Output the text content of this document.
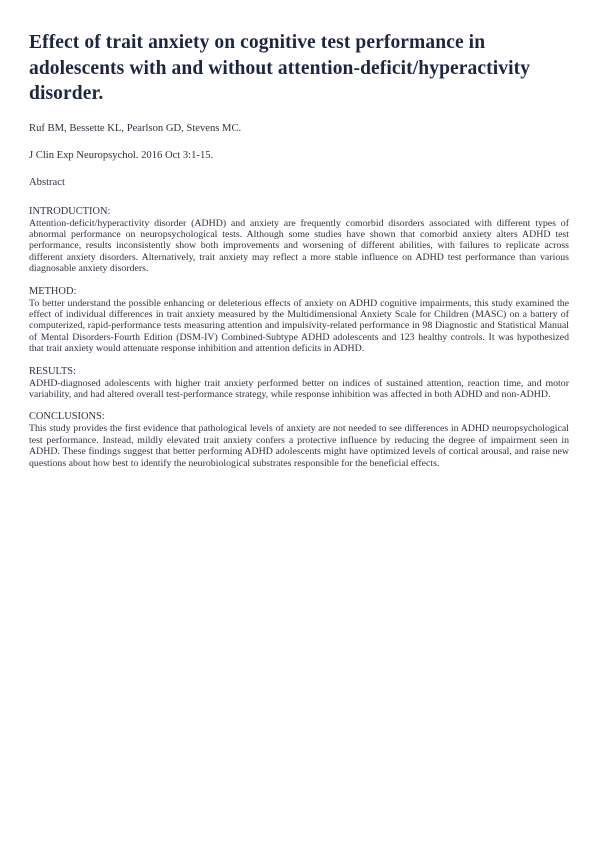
Effect of trait anxiety on cognitive test performance in adolescents with and without attention-deficit/hyperactivity disorder.

Ruf BM, Bessette KL, Pearlson GD, Stevens MC.

J Clin Exp Neuropsychol. 2016 Oct 3:1-15.

Abstract

INTRODUCTION:

Attention-deficit/hyperactivity disorder (ADHD) and anxiety are frequently comorbid disorders associated with different types of abnormal performance on neuropsychological tests. Although some studies have shown that comorbid anxiety alters ADHD test performance, results inconsistently show both improvements and worsening of different abilities, with failures to replicate across different anxiety disorders. Alternatively, trait anxiety may reflect a more stable influence on ADHD test performance than various diagnosable anxiety disorders.

METHOD:

To better understand the possible enhancing or deleterious effects of anxiety on ADHD cognitive impairments, this study examined the effect of individual differences in trait anxiety measured by the Multidimensional Anxiety Scale for Children (MASC) on a battery of computerized, rapid-performance tests measuring attention and impulsivity-related performance in 98 Diagnostic and Statistical Manual of Mental Disorders-Fourth Edition (DSM-IV) Combined-Subtype ADHD adolescents and 123 healthy controls. It was hypothesized that trait anxiety would attenuate response inhibition and attention deficits in ADHD.

RESULTS:

ADHD-diagnosed adolescents with higher trait anxiety performed better on indices of sustained attention, reaction time, and motor variability, and had altered overall test-performance strategy, while response inhibition was affected in both ADHD and non-ADHD.

CONCLUSIONS:

This study provides the first evidence that pathological levels of anxiety are not needed to see differences in ADHD neuropsychological test performance. Instead, mildly elevated trait anxiety confers a protective influence by reducing the degree of impairment seen in ADHD. These findings suggest that better performing ADHD adolescents might have optimized levels of cortical arousal, and raise new questions about how best to identify the neurobiological substrates responsible for the beneficial effects.
